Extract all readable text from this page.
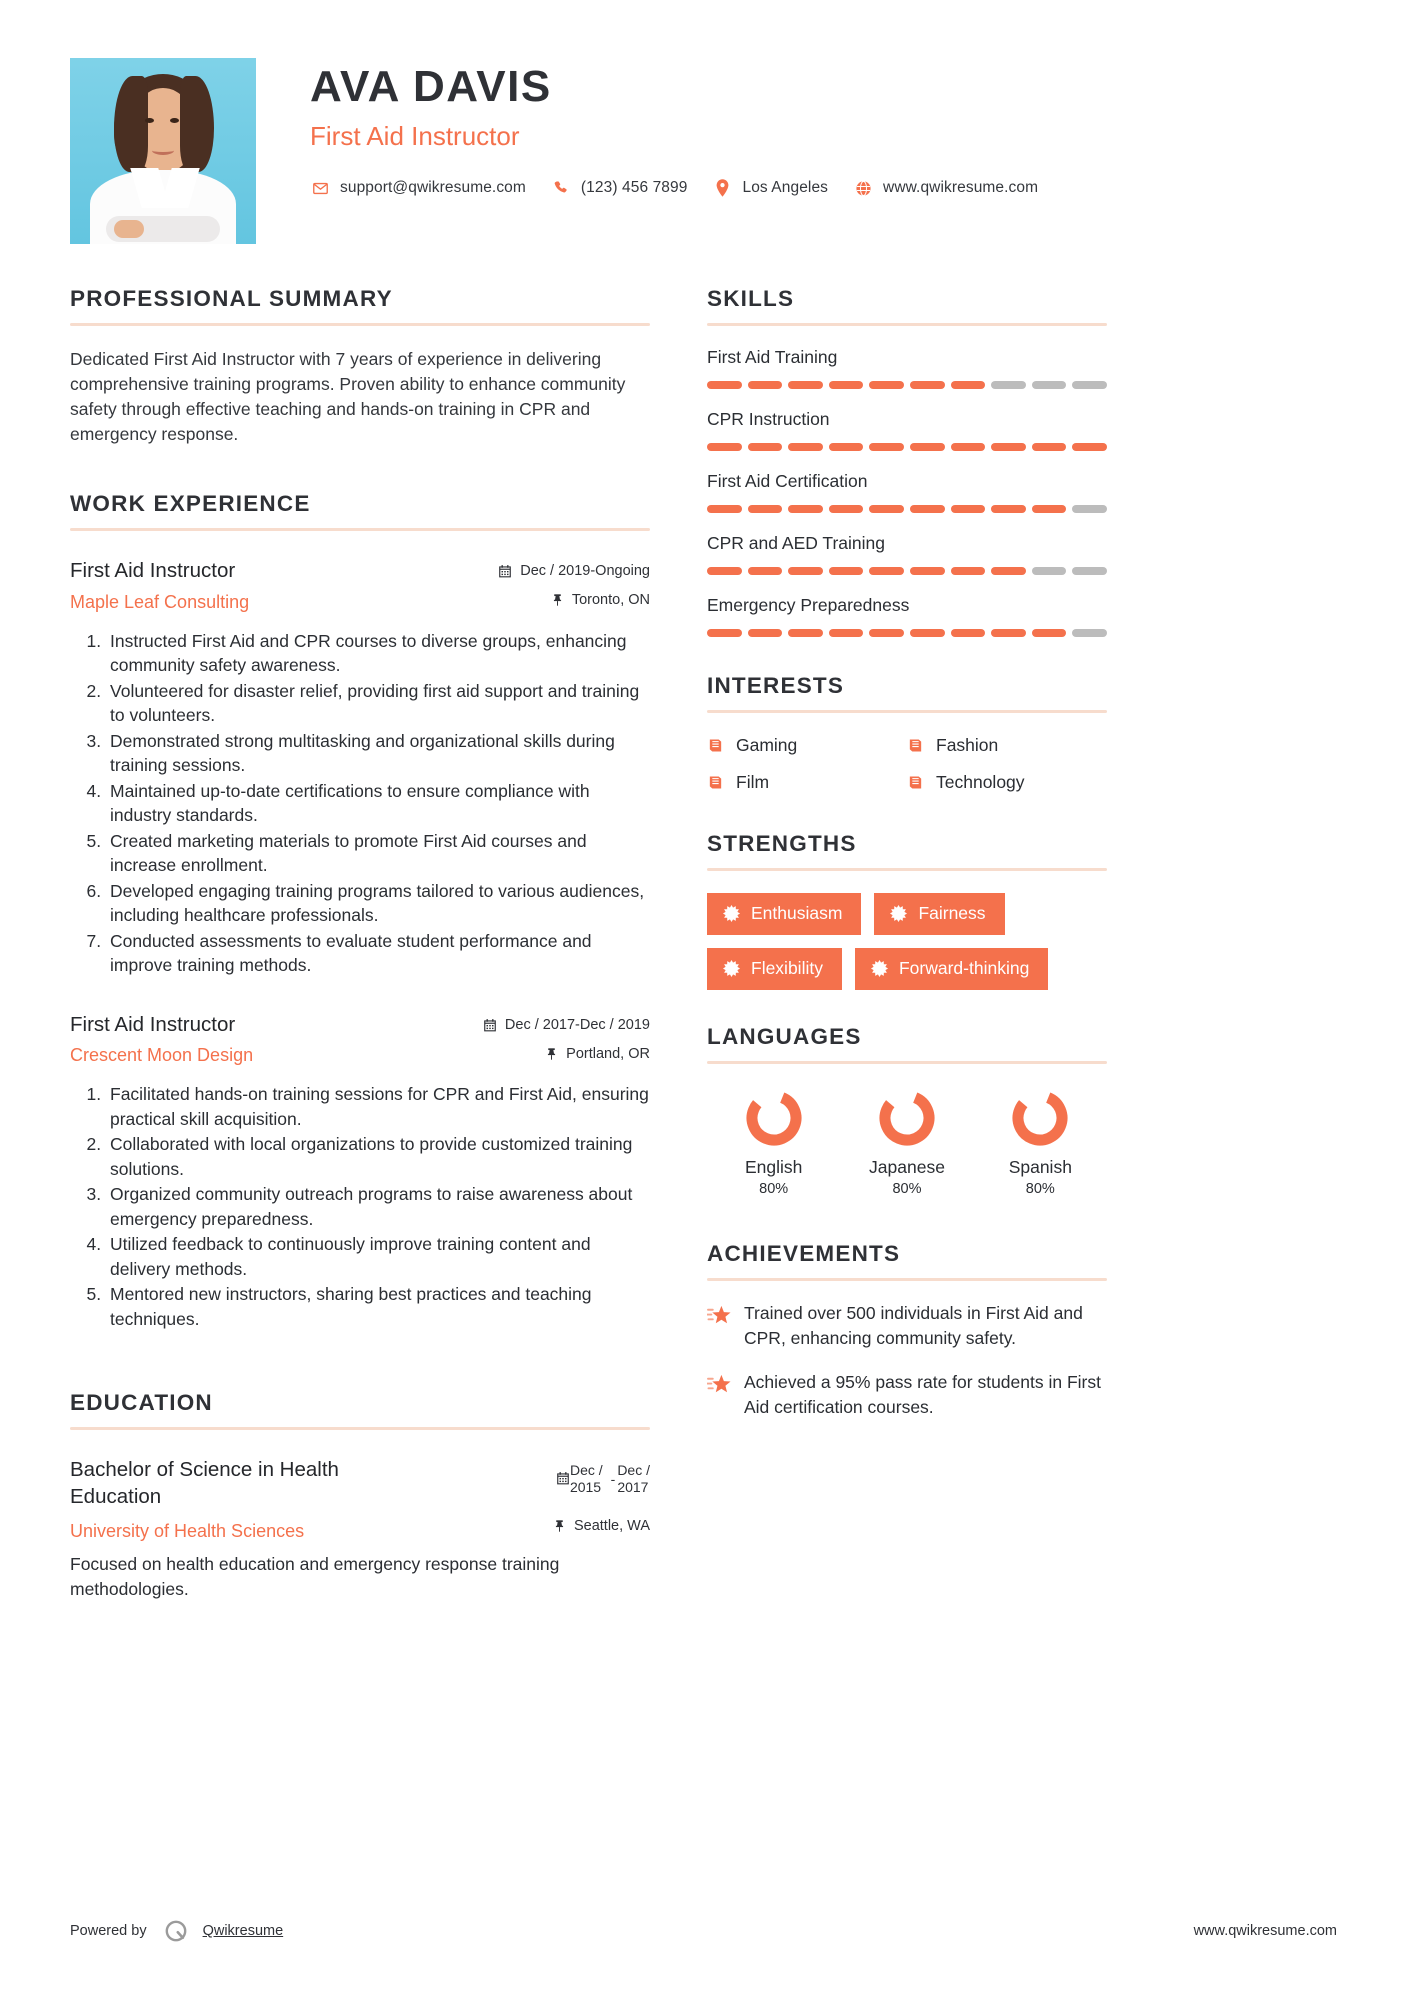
AVA DAVIS
First Aid Instructor
support@qwikresume.com	(123) 456 7899	Los Angeles	www.qwikresume.com
PROFESSIONAL SUMMARY
Dedicated First Aid Instructor with 7 years of experience in delivering comprehensive training programs. Proven ability to enhance community safety through effective teaching and hands-on training in CPR and emergency response.
WORK EXPERIENCE
First Aid Instructor
Maple Leaf Consulting
Dec / 2019-Ongoing
Toronto, ON
1. Instructed First Aid and CPR courses to diverse groups, enhancing community safety awareness.
2. Volunteered for disaster relief, providing first aid support and training to volunteers.
3. Demonstrated strong multitasking and organizational skills during training sessions.
4. Maintained up-to-date certifications to ensure compliance with industry standards.
5. Created marketing materials to promote First Aid courses and increase enrollment.
6. Developed engaging training programs tailored to various audiences, including healthcare professionals.
7. Conducted assessments to evaluate student performance and improve training methods.
First Aid Instructor
Crescent Moon Design
Dec / 2017-Dec / 2019
Portland, OR
1. Facilitated hands-on training sessions for CPR and First Aid, ensuring practical skill acquisition.
2. Collaborated with local organizations to provide customized training solutions.
3. Organized community outreach programs to raise awareness about emergency preparedness.
4. Utilized feedback to continuously improve training content and delivery methods.
5. Mentored new instructors, sharing best practices and teaching techniques.
EDUCATION
Bachelor of Science in Health Education
University of Health Sciences
Dec /
2015 -
Dec /
2017
Seattle, WA
Focused on health education and emergency response training methodologies.
SKILLS
First Aid Training
CPR Instruction
First Aid Certification
CPR and AED Training
Emergency Preparedness
INTERESTS
Gaming	Fashion
Film	Technology
STRENGTHS
Enthusiasm	Fairness
Flexibility	Forward-thinking
LANGUAGES
English
80%
Japanese
80%
Spanish
80%
ACHIEVEMENTS
Trained over 500 individuals in First Aid and CPR, enhancing community safety.
Achieved a 95% pass rate for students in First Aid certification courses.
Powered by	Qwikresume	www.qwikresume.com
